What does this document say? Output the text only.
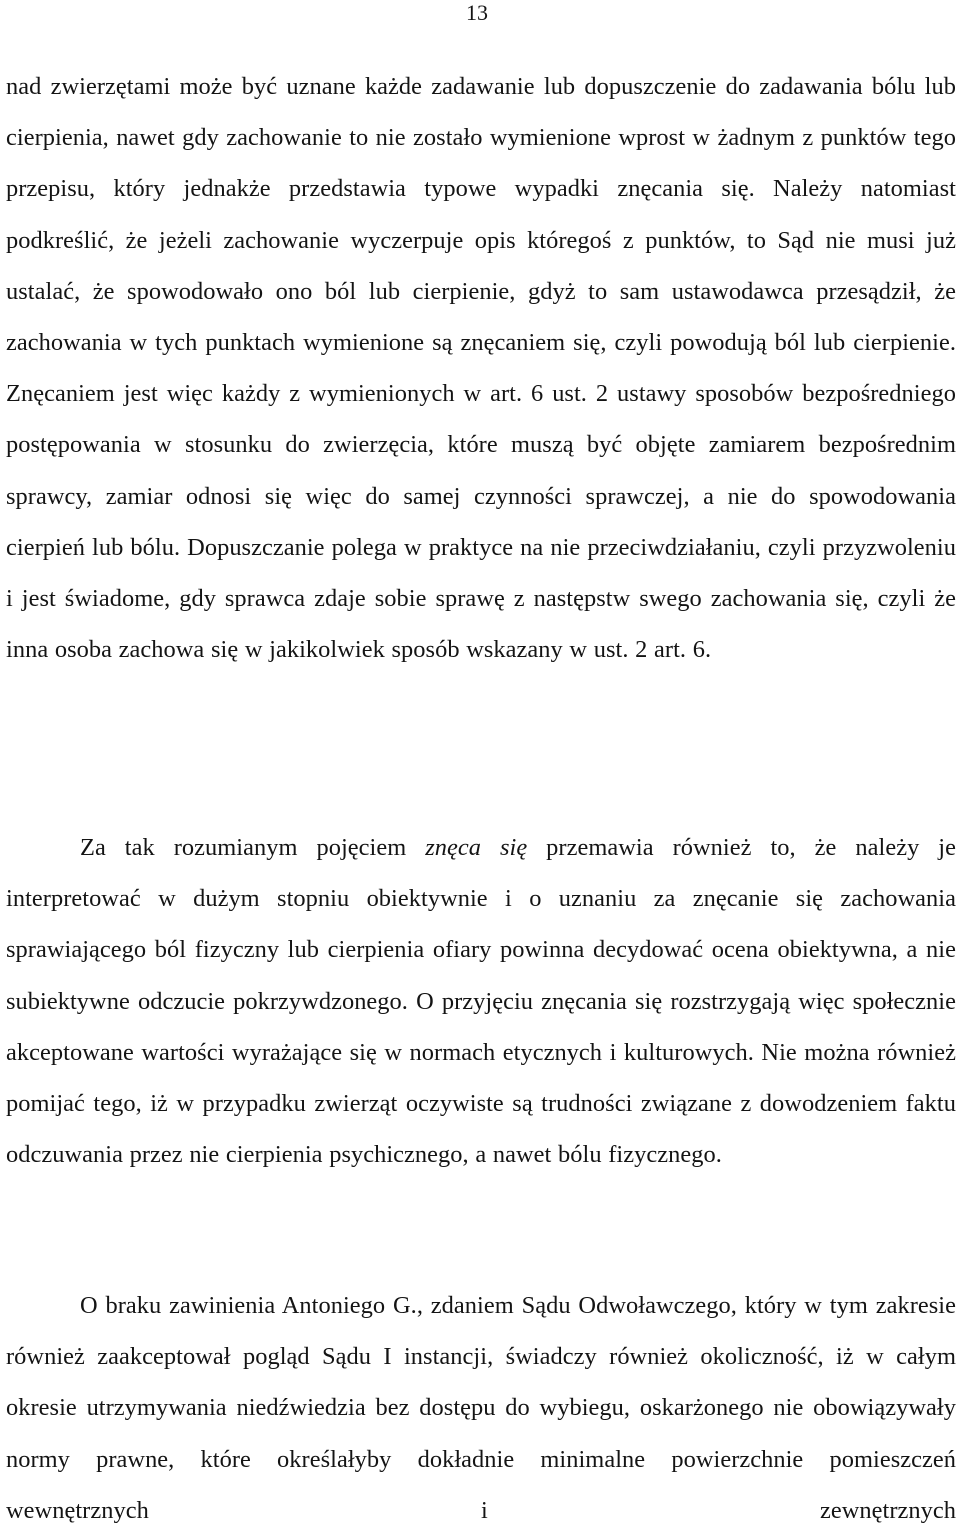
13

nad zwierzętami może być uznane każde zadawanie lub dopuszczenie do zadawania bólu lub cierpienia, nawet gdy zachowanie to nie zostało wymienione wprost w żadnym z punktów tego przepisu, który jednakże przedstawia typowe wypadki znęcania się. Należy natomiast podkreślić, że jeżeli zachowanie wyczerpuje opis któregoś z punktów, to Sąd nie musi już ustalać, że spowodowało ono ból lub cierpienie, gdyż to sam ustawodawca przesądził, że zachowania w tych punktach wymienione są znęcaniem się, czyli powodują ból lub cierpienie. Znęcaniem jest więc każdy z wymienionych w art. 6 ust. 2 ustawy sposobów bezpośredniego postępowania w stosunku do zwierzęcia, które muszą być objęte zamiarem bezpośrednim sprawcy, zamiar odnosi się więc do samej czynności sprawczej, a nie do spowodowania cierpień lub bólu. Dopuszczanie polega w praktyce na nie przeciwdziałaniu, czyli przyzwoleniu i jest świadome, gdy sprawca zdaje sobie sprawę z następstw swego zachowania się, czyli że inna osoba zachowa się w jakikolwiek sposób wskazany w ust. 2 art. 6.

Za tak rozumianym pojęciem znęca się przemawia również to, że należy je interpretować w dużym stopniu obiektywnie i o uznaniu za znęcanie się zachowania sprawiającego ból fizyczny lub cierpienia ofiary powinna decydować ocena obiektywna, a nie subiektywne odczucie pokrzywdzonego. O przyjęciu znęcania się rozstrzygają więc społecznie akceptowane wartości wyrażające się w normach etycznych i kulturowych. Nie można również pomijać tego, iż w przypadku zwierząt oczywiste są trudności związane z dowodzeniem faktu odczuwania przez nie cierpienia psychicznego, a nawet bólu fizycznego.

O braku zawinienia Antoniego G., zdaniem Sądu Odwoławczego, który w tym zakresie również zaakceptował pogląd Sądu I instancji, świadczy również okoliczność, iż w całym okresie utrzymywania niedźwiedzia bez dostępu do wybiegu, oskarżonego nie obowiązywały normy prawne, które określałyby dokładnie minimalne powierzchnie pomieszczeń wewnętrznych i zewnętrznych
